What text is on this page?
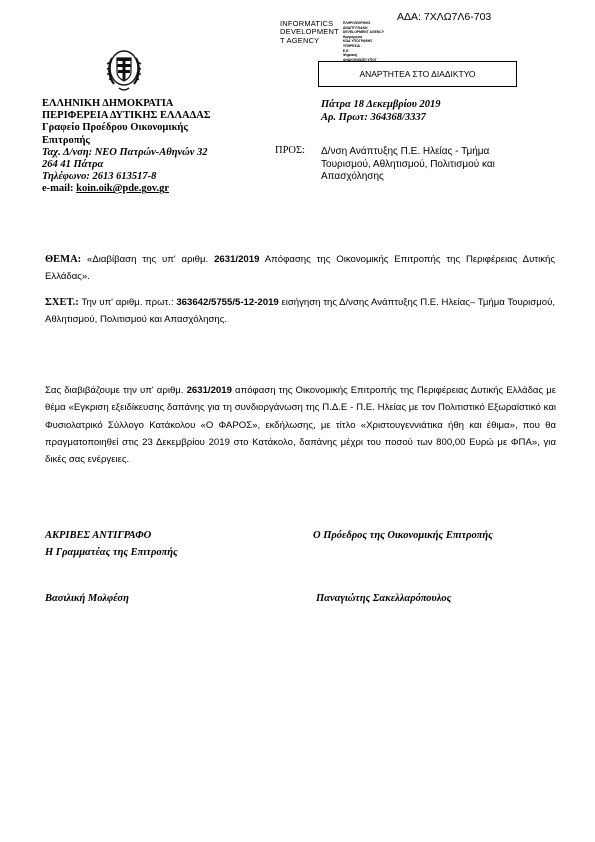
ΑΔΑ: 7ΧΛΩ7Λ6-703
INFORMATICS
DEVELOPMENT
T AGENCY
ΠΛΗΡΟΦΟΡΙΚΗΣ
ΑΝΑΠΤΥΞΙΑΚΗ
DEVELOPMENT AGENCY
Ημερομηνία
ΚΩΔ ΥΠΟΓΡΑΦΗΣ
ΥΠΗΡΕΣΙΑ
Ε.Ε.
Ψηφιακή
ΑΝΑΚΟΙΝΩΣΕΙ ΥΠΟΓ
ΑΝΑΡΤΗΤΕΑ ΣΤΟ ΔΙΑΔΙΚΤΥΟ
ΕΛΛΗΝΙΚΗ ΔΗΜΟΚΡΑΤΙΑ
ΠΕΡΙΦΕΡΕΙΑ ΔΥΤΙΚΗΣ ΕΛΛΑΔΑΣ
Γραφείο Προέδρου Οικονομικής
Επιτροπής
Ταχ. Δ/νση: ΝΕΟ Πατρών-Αθηνών 32
264 41 Πάτρα
Τηλέφωνο: 2613 613517-8
e-mail: koin.oik@pde.gov.gr
Πάτρα 18 Δεκεμβρίου 2019
Αρ. Πρωτ: 364368/3337
ΠΡΟΣ: Δ/νση Ανάπτυξης Π.Ε. Ηλείας - Τμήμα Τουρισμού, Αθλητισμού, Πολιτισμού και Απασχόλησης
ΘΕΜΑ: «Διαβίβαση της υπ' αριθμ. 2631/2019 Απόφασης της Οικονομικής Επιτροπής της Περιφέρειας Δυτικής Ελλάδας».
ΣΧΕΤ.: Την υπ' αριθμ. πρωτ.: 363642/5755/5-12-2019 εισήγηση της Δ/νσης Ανάπτυξης Π.Ε. Ηλείας– Τμήμα Τουρισμού, Αθλητισμού, Πολιτισμού και Απασχόλησης.
Σας διαβιβάζουμε την υπ' αριθμ. 2631/2019 απόφαση της Οικονομικής Επιτροπής της Περιφέρειας Δυτικής Ελλάδας με θέμα «Εγκριση εξειδίκευσης δαπάνης για τη συνδιοργάνωση της Π.Δ.Ε - Π.Ε. Ηλείας με τον Πολιτιστικό Εξωραϊστικό και Φυσιολατρικό Σύλλογο Κατάκολου «Ο ΦΑΡΟΣ», εκδήλωσης, με τίτλο «Χριστουγεννιάτικα ήθη και έθιμα», που θα πραγματοποιηθεί στις 23 Δεκεμβρίου 2019 στο Κατάκολο, δαπάνης μέχρι του ποσού των 800,00 Ευρώ με ΦΠΑ», για δικές σας ενέργειες.
ΑΚΡΙΒΕΣ ΑΝΤΙΓΡΑΦΟ
Η Γραμματέας της Επιτροπής
Βασιλική Μολφέση
Ο Πρόεδρος της Οικονομικής Επιτροπής
Παναγιώτης Σακελλαρόπουλος
